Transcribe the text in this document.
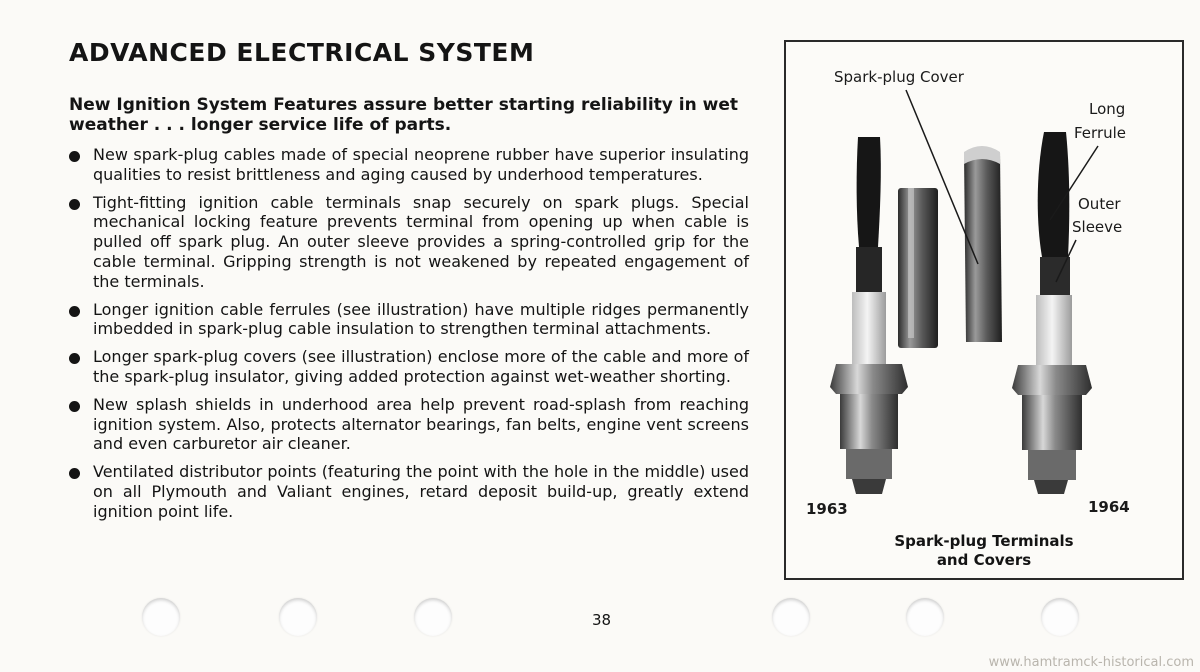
ADVANCED ELECTRICAL SYSTEM
New Ignition System Features assure better starting reliability in wet weather . . . longer service life of parts.
New spark-plug cables made of special neoprene rubber have superior insulating qualities to resist brittleness and aging caused by underhood temperatures.
Tight-fitting ignition cable terminals snap securely on spark plugs. Special mechanical locking feature prevents terminal from opening up when cable is pulled off spark plug. An outer sleeve provides a spring-controlled grip for the cable terminal. Gripping strength is not weakened by repeated engagement of the terminals.
Longer ignition cable ferrules (see illustration) have multiple ridges permanently imbedded in spark-plug cable insulation to strengthen terminal attachments.
Longer spark-plug covers (see illustration) enclose more of the cable and more of the spark-plug insulator, giving added protection against wet-weather shorting.
New splash shields in underhood area help prevent road-splash from reaching ignition system. Also, protects alternator bearings, fan belts, engine vent screens and even carburetor air cleaner.
Ventilated distributor points (featuring the point with the hole in the middle) used on all Plymouth and Valiant engines, retard deposit build-up, greatly extend ignition point life.
Spark-plug Cover
Long
Ferrule
Outer
Sleeve
1963	1964
Spark-plug Terminals
and Covers
38
www.hamtramck-historical.com
